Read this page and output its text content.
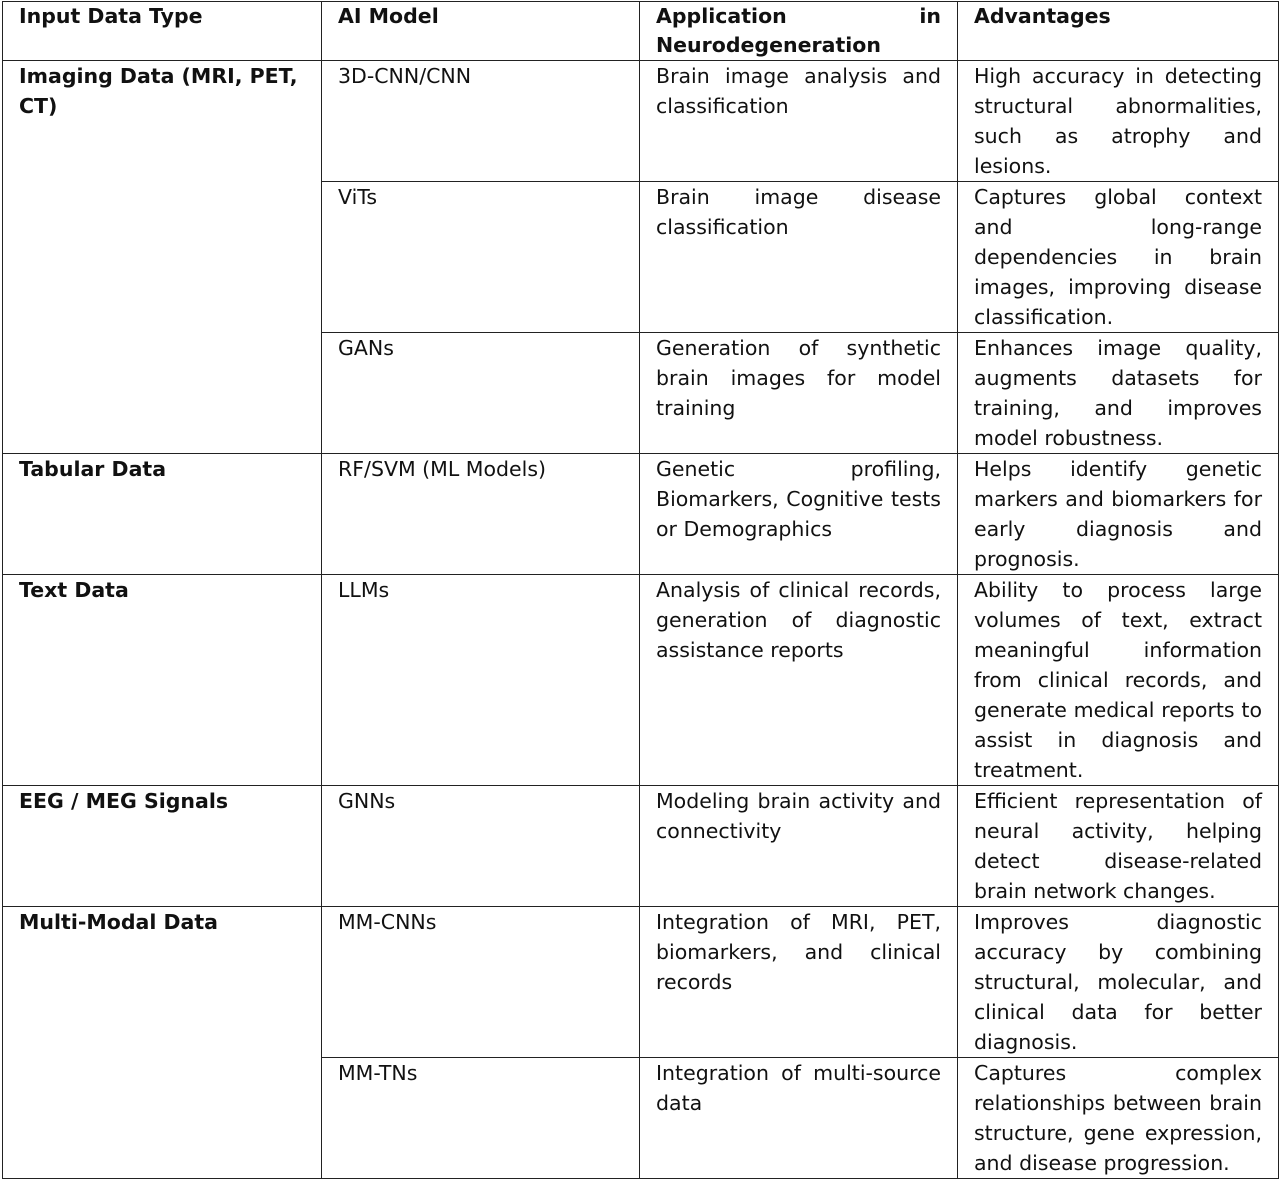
Input Data Type	AI Model	Application in Neurodegeneration	Advantages
Imaging Data (MRI, PET, CT)	3D-CNN/CNN	Brain image analysis and classification	High accuracy in detecting structural abnormalities, such as atrophy and lesions.
	ViTs	Brain image disease classification	Captures global context and long-range dependencies in brain images, improving disease classification.
	GANs	Generation of synthetic brain images for model training	Enhances image quality, augments datasets for training, and improves model robustness.
Tabular Data	RF/SVM (ML Models)	Genetic profiling, Biomarkers, Cognitive tests or Demographics	Helps identify genetic markers and biomarkers for early diagnosis and prognosis.
Text Data	LLMs	Analysis of clinical records, generation of diagnostic assistance reports	Ability to process large volumes of text, extract meaningful information from clinical records, and generate medical reports to assist in diagnosis and treatment.
EEG / MEG Signals	GNNs	Modeling brain activity and connectivity	Efficient representation of neural activity, helping detect disease-related brain network changes.
Multi-Modal Data	MM-CNNs	Integration of MRI, PET, biomarkers, and clinical records	Improves diagnostic accuracy by combining structural, molecular, and clinical data for better diagnosis.
	MM-TNs	Integration of multi-source data	Captures complex relationships between brain structure, gene expression, and disease progression.
